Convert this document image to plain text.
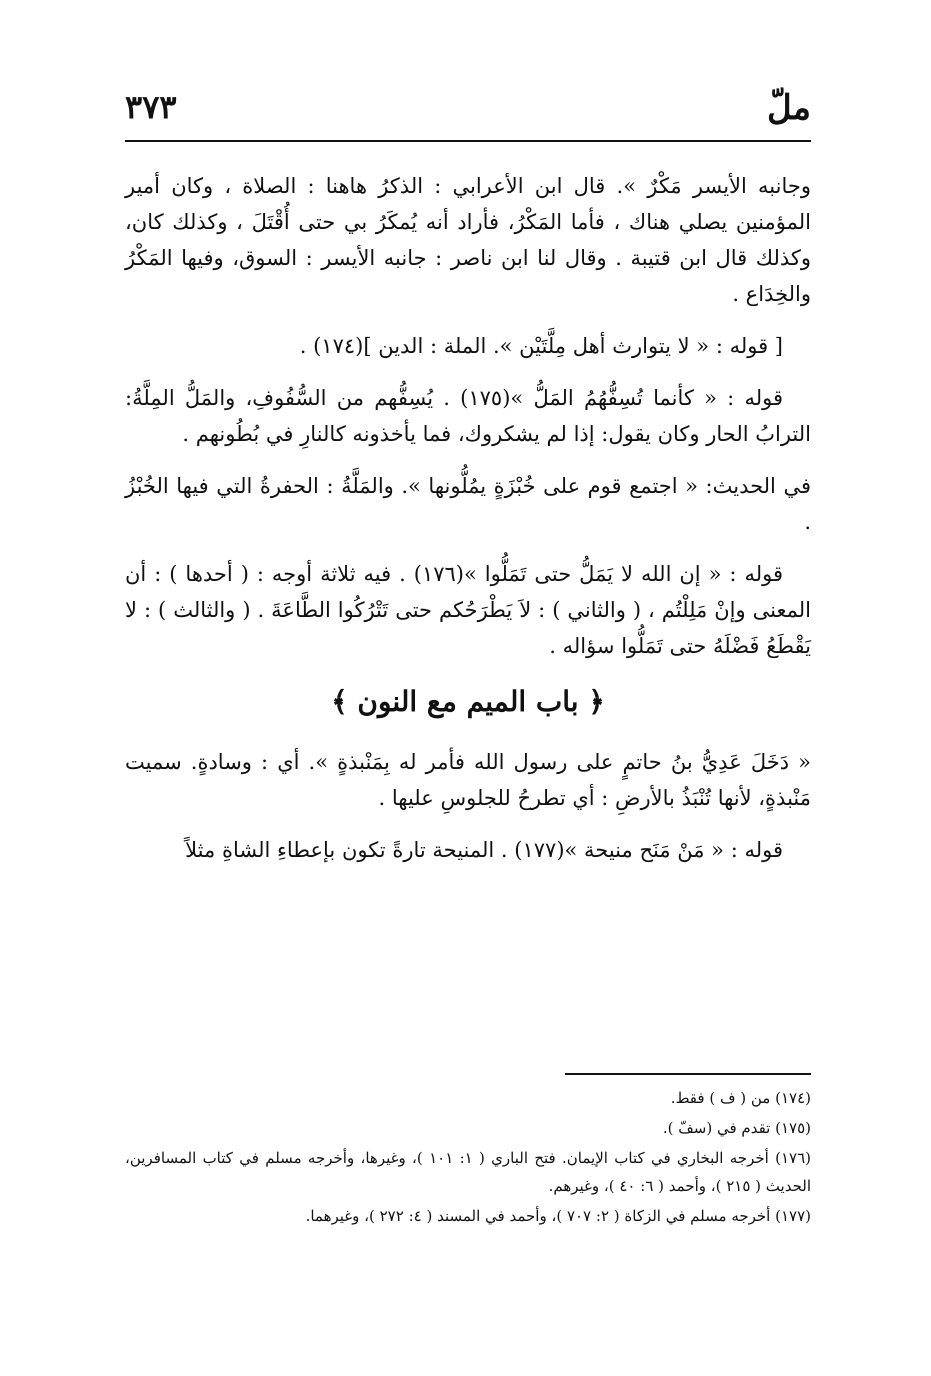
ملّ
٣٧٣

وجانبه الأيسر مَكْرٌ ». قال ابن الأعرابي : الذكرُ هاهنا : الصلاة ، وكان أمير المؤمنين يصلي هناك ، فأما المَكْرُ، فأراد أنه يُمكَرُ بي حتى أُقْتَلَ ، وكذلك كان، وكذلك قال ابن قتيبة . وقال لنا ابن ناصر : جانبه الأيسر : السوق، وفيها المَكْرُ والخِدَاع .

[ قوله : « لا يتوارث أهل مِلَّتَيْن ». الملة : الدين ](١٧٤) .

قوله : « كأنما تُسِفُّهُمُ المَلُّ »(١٧٥) . يُسِفُّهم من السُّفُوفِ، والمَلُّ المِلَّةُ: الترابُ الحار وكان يقول: إذا لم يشكروك، فما يأخذونه كالنارِ في بُطُونهم .

في الحديث: « اجتمع قوم على خُبْزَةٍ يمُلُّونها ». والمَلَّةُ : الحفرةُ التي فيها الخُبْزُ .

قوله : « إن الله لا يَمَلُّ حتى تَمَلُّوا »(١٧٦) . فيه ثلاثة أوجه : ( أحدها ) : أن المعنى وإنْ مَلِلْتُم ، ( والثاني ) : لاَ يَطْرَحُكم حتى تَتْرُكُوا الطَّاعَةَ . ( والثالث ) : لا يَقْطَعُ فَضْلَهُ حتى تَمَلُّوا سؤاله .

﴿ باب الميم مع النون ﴾

« دَخَلَ عَدِيُّ بنُ حاتمٍ على رسول الله فأمر له بِمَنْبذةٍ ». أي : وسادةٍ. سميت مَنْبذةٍ، لأنها تُنْبَذُ بالأرضِ : أي تطرحُ للجلوسِ عليها .

قوله : « مَنْ مَنَح منيحة »(١٧٧) . المنيحة تارةً تكون بإعطاءِ الشاةِ مثلاً

(١٧٤) من ( ف ) فقط.

(١٧٥) تقدم في (سفّ ).

(١٧٦) أخرجه البخاري في كتاب الإيمان. فتح الباري ( ١: ١٠١ )، وغيرها، وأخرجه مسلم في كتاب المسافرين، الحديث ( ٢١٥ )، وأحمد ( ٦: ٤٠ )، وغيرهم.

(١٧٧) أخرجه مسلم في الزكاة ( ٢: ٧٠٧ )، وأحمد في المسند ( ٤: ٢٧٢ )، وغيرهما.
